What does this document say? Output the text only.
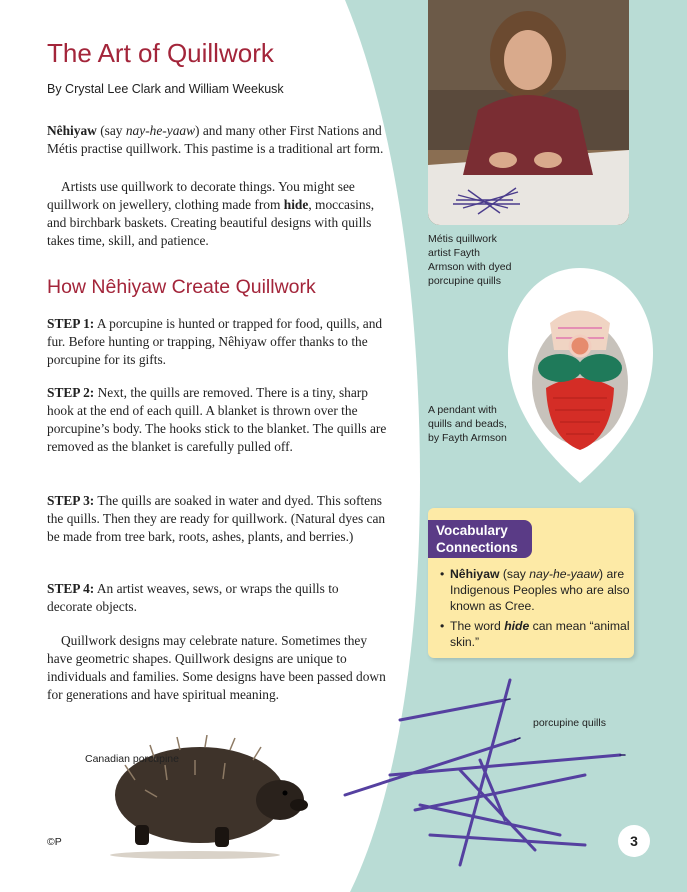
The Art of Quillwork
By Crystal Lee Clark and William Weekusk

Nêhiyaw (say nay-he-yaaw) and many other First Nations and Métis practise quillwork. This pastime is a traditional art form.

Artists use quillwork to decorate things. You might see quillwork on jewellery, clothing made from hide, moccasins, and birchbark baskets. Creating beautiful designs with quills takes time, skill, and patience.

How Nêhiyaw Create Quillwork

STEP 1: A porcupine is hunted or trapped for food, quills, and fur. Before hunting or trapping, Nêhiyaw offer thanks to the porcupine for its gifts.

STEP 2: Next, the quills are removed. There is a tiny, sharp hook at the end of each quill. A blanket is thrown over the porcupine’s body. The hooks stick to the blanket. The quills are removed as the blanket is carefully pulled off.

STEP 3: The quills are soaked in water and dyed. This softens the quills. Then they are ready for quillwork. (Natural dyes can be made from tree bark, roots, ashes, plants, and berries.)

STEP 4: An artist weaves, sews, or wraps the quills to decorate objects.

Quillwork designs may celebrate nature. Sometimes they have geometric shapes. Quillwork designs are unique to individuals and families. Some designs have been passed down for generations and have spiritual meaning.

Métis quillwork artist Fayth Armson with dyed porcupine quills
A pendant with quills and beads, by Fayth Armson
Vocabulary
Connections
• Nêhiyaw (say nay-he-yaaw) are Indigenous Peoples who are also known as Cree.
• The word hide can mean “animal skin.”
porcupine quills
Canadian porcupine
©P	3
